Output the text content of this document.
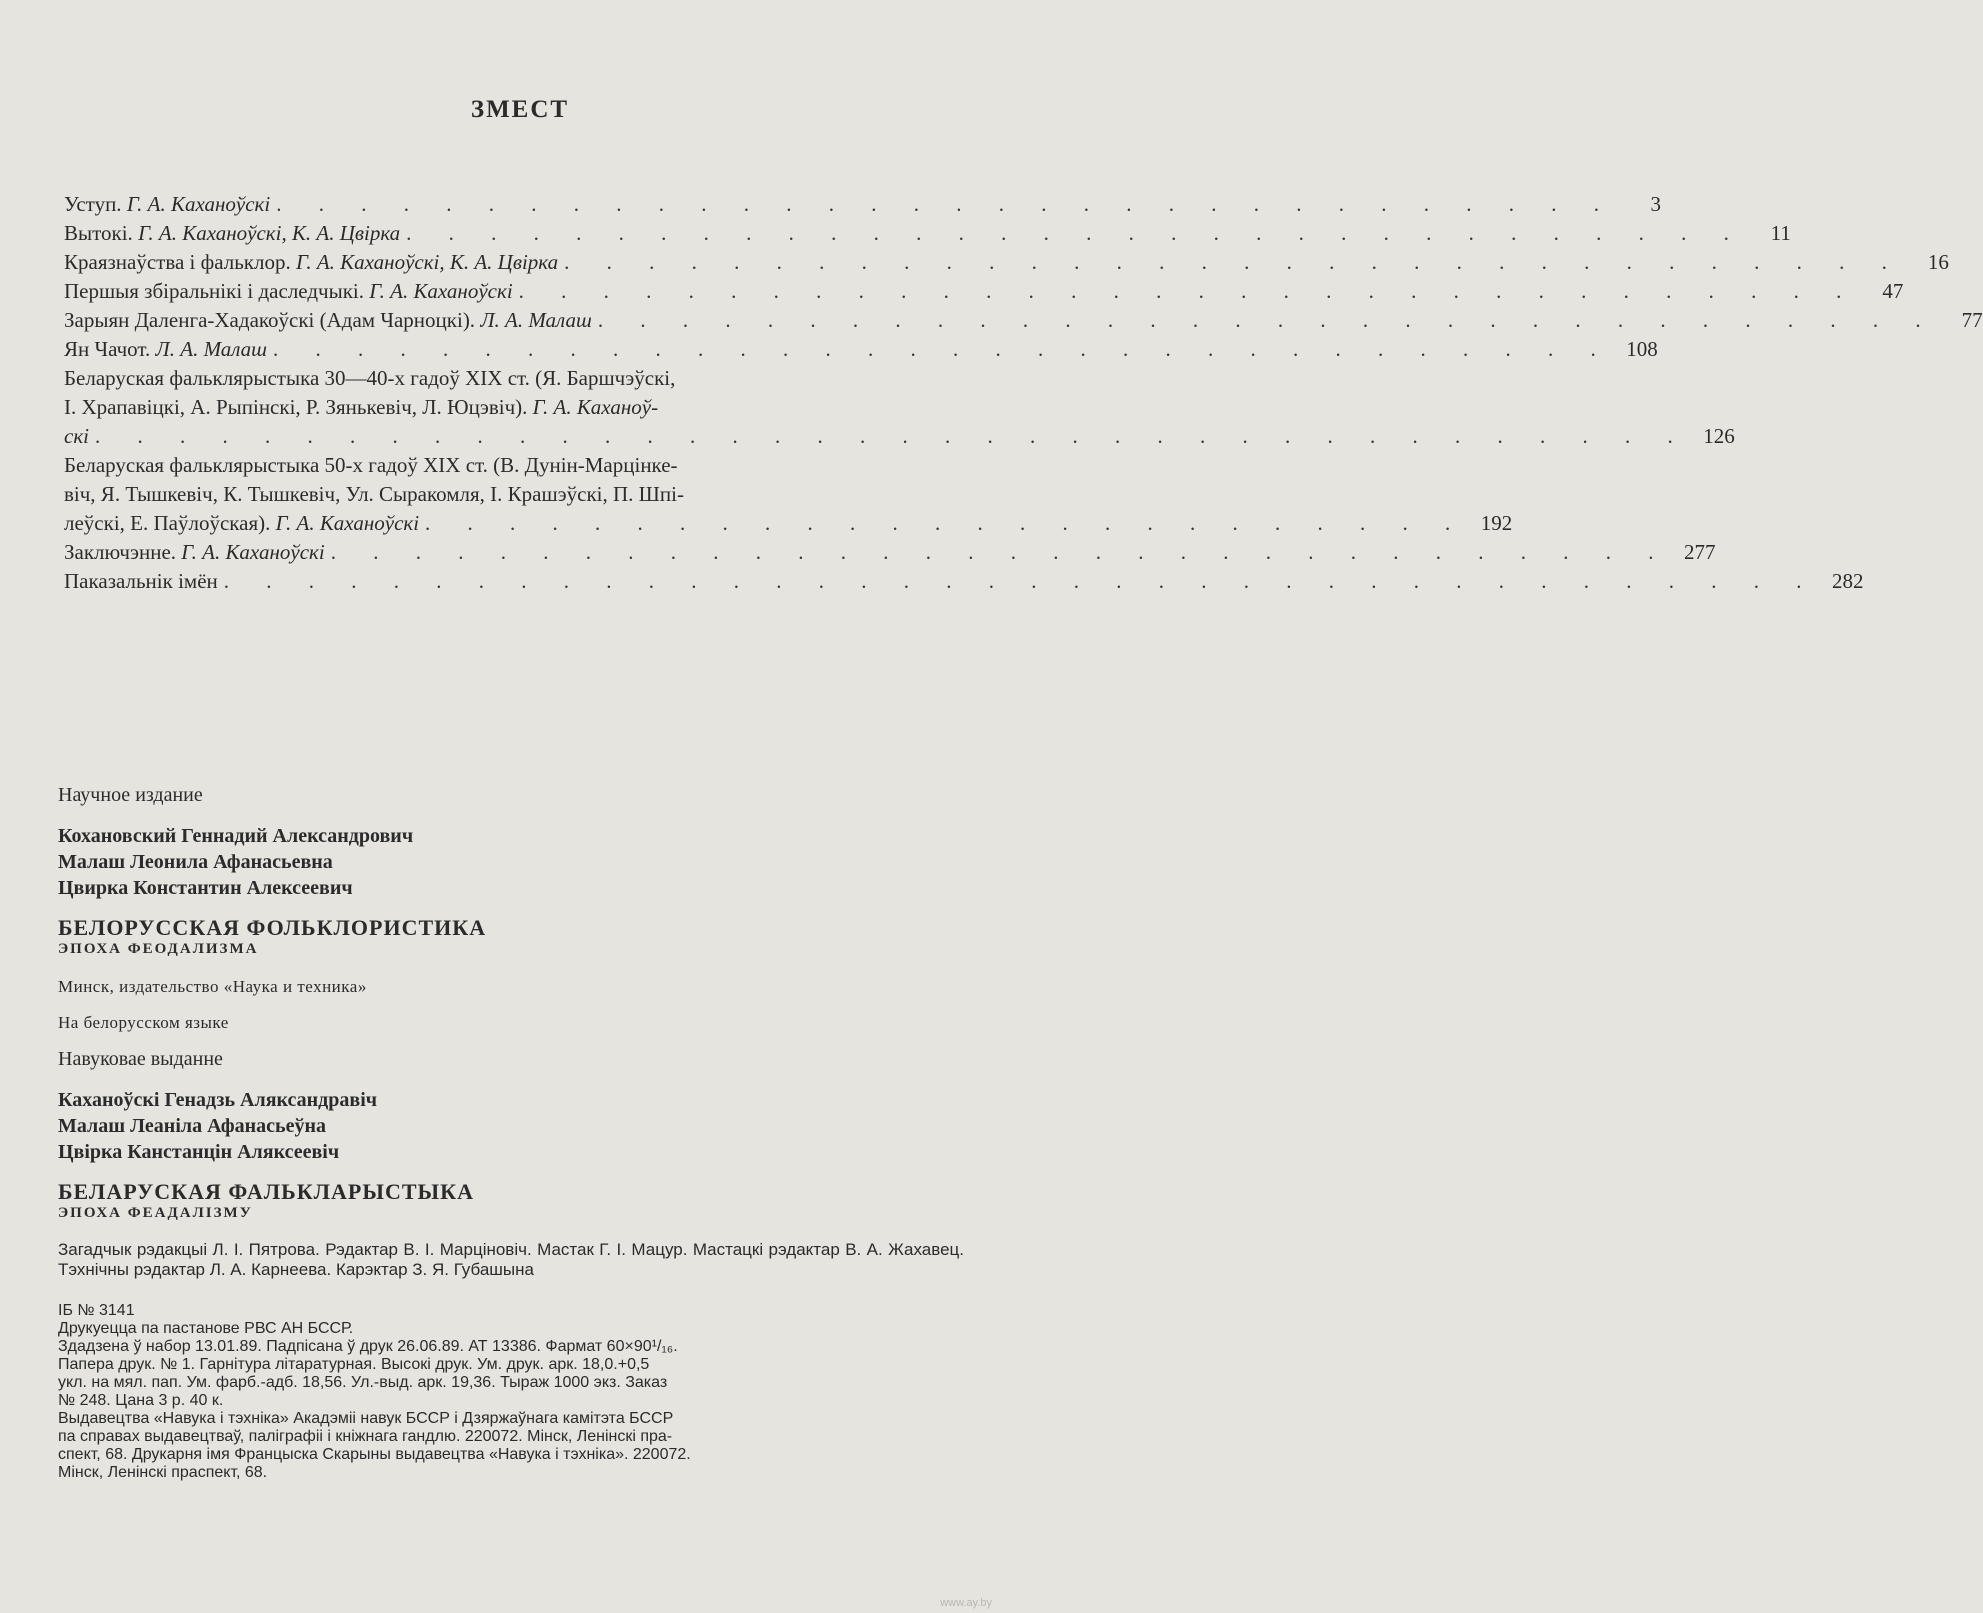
ЗМЕСТ
Уступ. Г. А. Каханоўскі . . . . . . . . . . . . . . . . . . . . . . . . . . . . . . . .	3
Вытокі. Г. А. Каханоўскі, К. А. Цвірка . . . . . . . . . . . . . . . . . . . . . . . . . . . . . . . .	11
Краязнаўства і фальклор. Г. А. Каханоўскі, К. А. Цвірка . . . . . . . . . . . . . . . . . . . . . . . . . . . . . . . .	16
Першыя збіральнікі і даследчыкі. Г. А. Каханоўскі . . . . . . . . . . . . . . . . . . . . . . . . . . . . . . . .	47
Зарыян Даленга-Хадакоўскі (Адам Чарноцкі). Л. А. Малаш . . . . . . . . . . . . . . . . . . . . . . . . . . . . . . . .	77
Ян Чачот. Л. А. Малаш . . . . . . . . . . . . . . . . . . . . . . . . . . . . . . . . 108
Беларуская фальклярыстыка 30—40-х гадоў XIX ст. (Я. Баршчэўскі,
І. Храпавіцкі, А. Рыпінскі, Р. Зянькевіч, Л. Юцэвіч). Г. А. Каханоў-
скі . . . . . . . . . . . . . . . . . . . . . . . . . . . . . . . . . . . . . . 126
Беларуская фальклярыстыка 50-х гадоў XIX ст. (В. Дунін-Марцінке-
віч, Я. Тышкевіч, К. Тышкевіч, Ул. Сыракомля, І. Крашэўскі, П. Шпі-
леўскі, Е. Паўлоўская). Г. А. Каханоўскі . . . . . . . . . . . . . . . . . . . . . . . . . 192
Заключэнне. Г. А. Каханоўскі . . . . . . . . . . . . . . . . . . . . . . . . . . . . . . . . 277
Паказальнік імён . . . . . . . . . . . . . . . . . . . . . . . . . . . . . . . . . . . . . . 282
Научное издание
Кохановский Геннадий Александрович
Малаш Леонила Афанасьевна
Цвирка Константин Алексеевич
БЕЛОРУССКАЯ ФОЛЬКЛОРИСТИКА
ЭПОХА ФЕОДАЛИЗМА
Минск, издательство «Наука и техника»
На белорусском языке
Навуковае выданне
Каханоўскі Генадзь Аляксандравіч
Малаш Леаніла Афанасьеўна
Цвірка Канстанцін Аляксеевіч
БЕЛАРУСКАЯ ФАЛЬКЛАРЫСТЫКА
ЭПОХА ФЕАДАЛІЗМУ
Загадчык рэдакцыі Л. І. Пятрова. Рэдактар В. І. Марціновіч. Мастак Г. І. Мацур. Мастацкі рэдактар В. А. Жахавец. Тэхнічны рэдактар Л. А. Карнеева. Карэктар З. Я. Губашына
ІБ № 3141
Друкуецца па пастанове РВС АН БССР.
Здадзена ў набор 13.01.89. Падпісана ў друк 26.06.89. АТ 13386. Фармат 60×90¹/₁₆.
Папера друк. № 1. Гарнітура літаратурная. Высокі друк. Ум. друк. арк. 18,0.+0,5
укл. на мял. пап. Ум. фарб.-адб. 18,56. Ул.-выд. арк. 19,36. Тыраж 1000 экз. Заказ
№ 248. Цана 3 р. 40 к.
Выдавецтва «Навука і тэхніка» Акадэміі навук БССР і Дзяржаўнага камітэта БССР
па справах выдавецтваў, паліграфіі і кніжнага гандлю. 220072. Мінск, Ленінскі пра-
спект, 68. Друкарня імя Францыска Скарыны выдавецтва «Навука і тэхніка». 220072.
Мінск, Ленінскі праспект, 68.
www.ay.by
